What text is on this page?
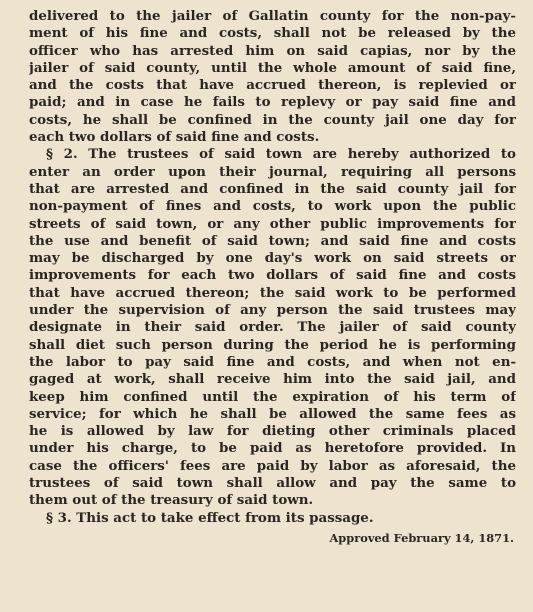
delivered to the jailer of Gallatin county for the non-pay-
ment of his fine and costs, shall not be released by the
officer who has arrested him on said capias, nor by the
jailer of said county, until the whole amount of said fine,
and the costs that have accrued thereon, is replevied or
paid; and in case he fails to replevy or pay said fine and
costs, he shall be confined in the county jail one day for
each two dollars of said fine and costs.
§ 2. The trustees of said town are hereby authorized to
enter an order upon their journal, requiring all persons
that are arrested and confined in the said county jail for
non-payment of fines and costs, to work upon the public
streets of said town, or any other public improvements for
the use and benefit of said town; and said fine and costs
may be discharged by one day's work on said streets or
improvements for each two dollars of said fine and costs
that have accrued thereon; the said work to be performed
under the supervision of any person the said trustees may
designate in their said order. The jailer of said county
shall diet such person during the period he is performing
the labor to pay said fine and costs, and when not en-
gaged at work, shall receive him into the said jail, and
keep him confined until the expiration of his term of
service; for which he shall be allowed the same fees as
he is allowed by law for dieting other criminals placed
under his charge, to be paid as heretofore provided. In
case the officers' fees are paid by labor as aforesaid, the
trustees of said town shall allow and pay the same to
them out of the treasury of said town.
§ 3. This act to take effect from its passage.
Approved February 14, 1871.
